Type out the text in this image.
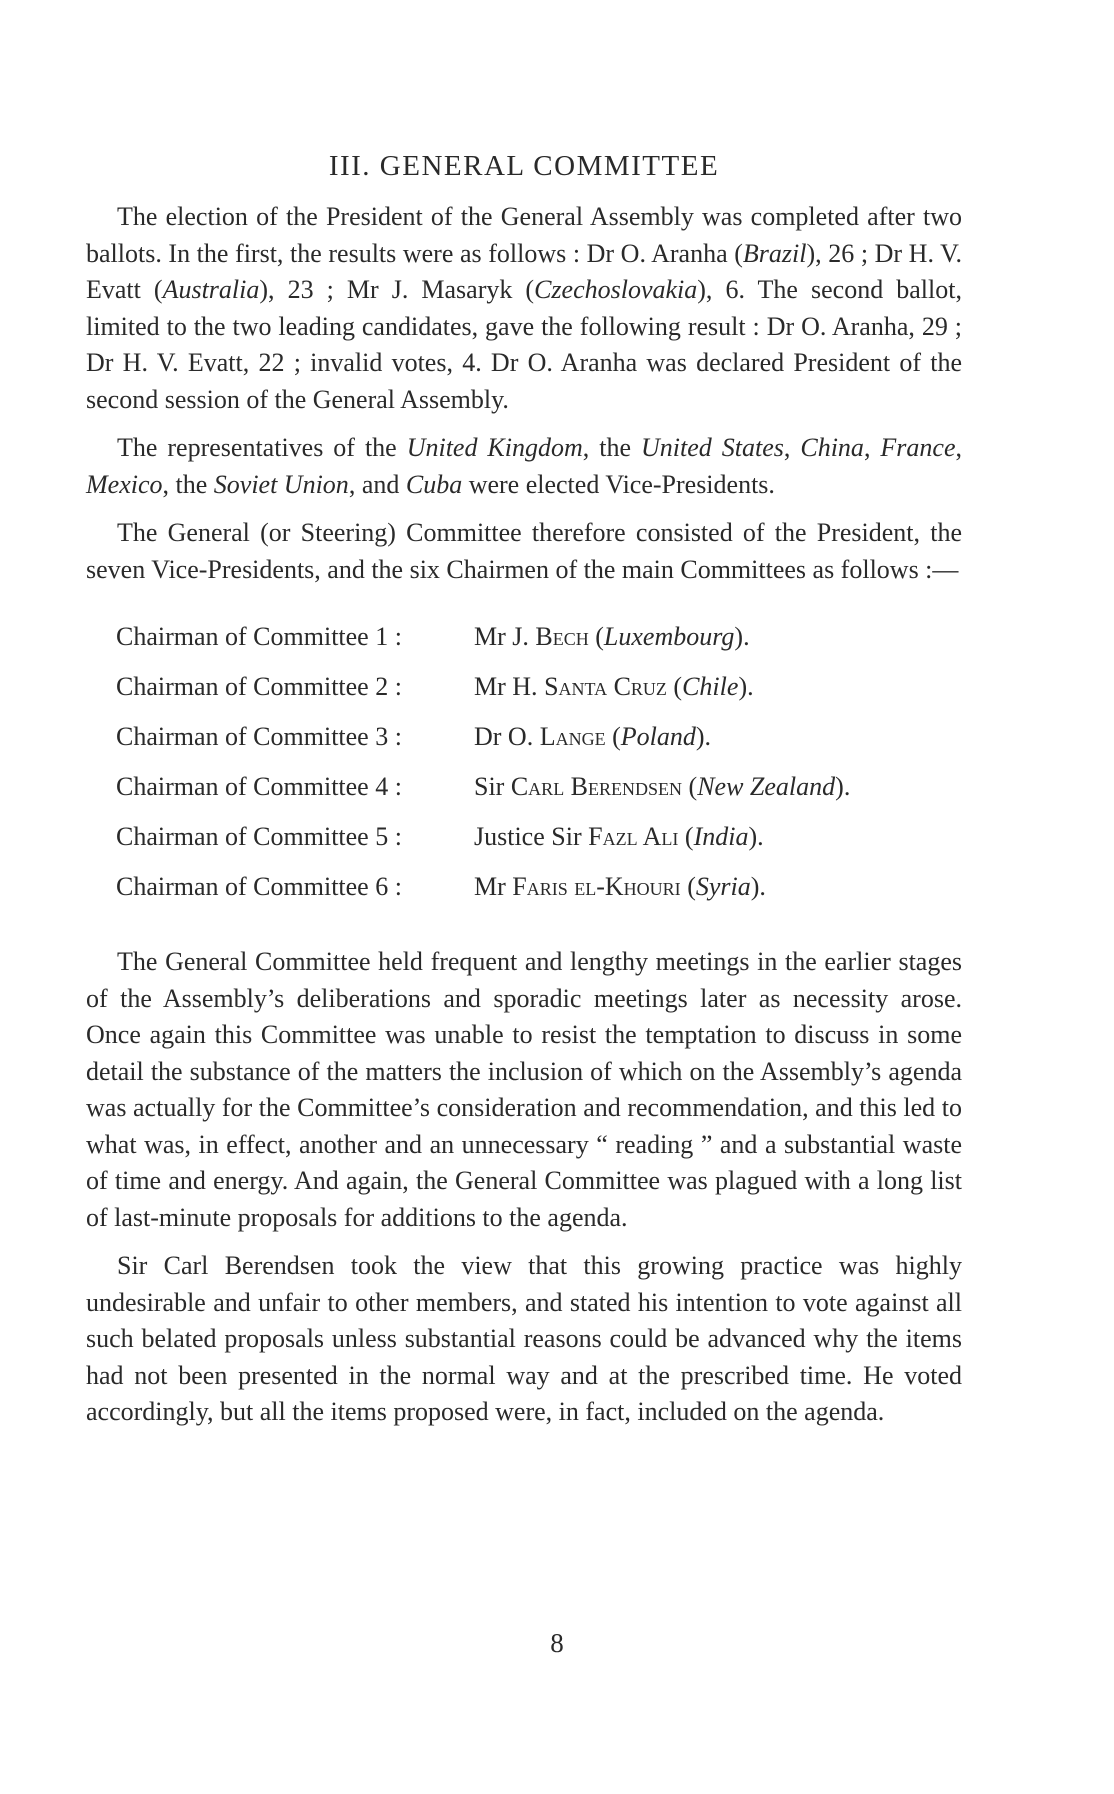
III. GENERAL COMMITTEE

The election of the President of the General Assembly was completed after two ballots. In the first, the results were as follows : Dr O. Aranha (Brazil), 26 ; Dr H. V. Evatt (Australia), 23 ; Mr J. Masaryk (Czechoslovakia), 6. The second ballot, limited to the two leading candidates, gave the following result : Dr O. Aranha, 29 ; Dr H. V. Evatt, 22 ; invalid votes, 4. Dr O. Aranha was declared President of the second session of the General Assembly.

The representatives of the United Kingdom, the United States, China, France, Mexico, the Soviet Union, and Cuba were elected Vice-Presidents.

The General (or Steering) Committee therefore consisted of the President, the seven Vice-Presidents, and the six Chairmen of the main Committees as follows :—

Chairman of Committee 1 :	Mr J. Bech (Luxembourg).
Chairman of Committee 2 :	Mr H. Santa Cruz (Chile).
Chairman of Committee 3 :	Dr O. Lange (Poland).
Chairman of Committee 4 :	Sir Carl Berendsen (New Zealand).
Chairman of Committee 5 :	Justice Sir Fazl Ali (India).
Chairman of Committee 6 :	Mr Faris el-Khouri (Syria).

The General Committee held frequent and lengthy meetings in the earlier stages of the Assembly’s deliberations and sporadic meetings later as necessity arose. Once again this Committee was unable to resist the temptation to discuss in some detail the substance of the matters the inclusion of which on the Assembly’s agenda was actually for the Committee’s consideration and recommendation, and this led to what was, in effect, another and an unnecessary “ reading ” and a substantial waste of time and energy. And again, the General Committee was plagued with a long list of last-minute proposals for additions to the agenda.

Sir Carl Berendsen took the view that this growing practice was highly undesirable and unfair to other members, and stated his intention to vote against all such belated proposals unless substantial reasons could be advanced why the items had not been presented in the normal way and at the prescribed time. He voted accordingly, but all the items proposed were, in fact, included on the agenda.

8
